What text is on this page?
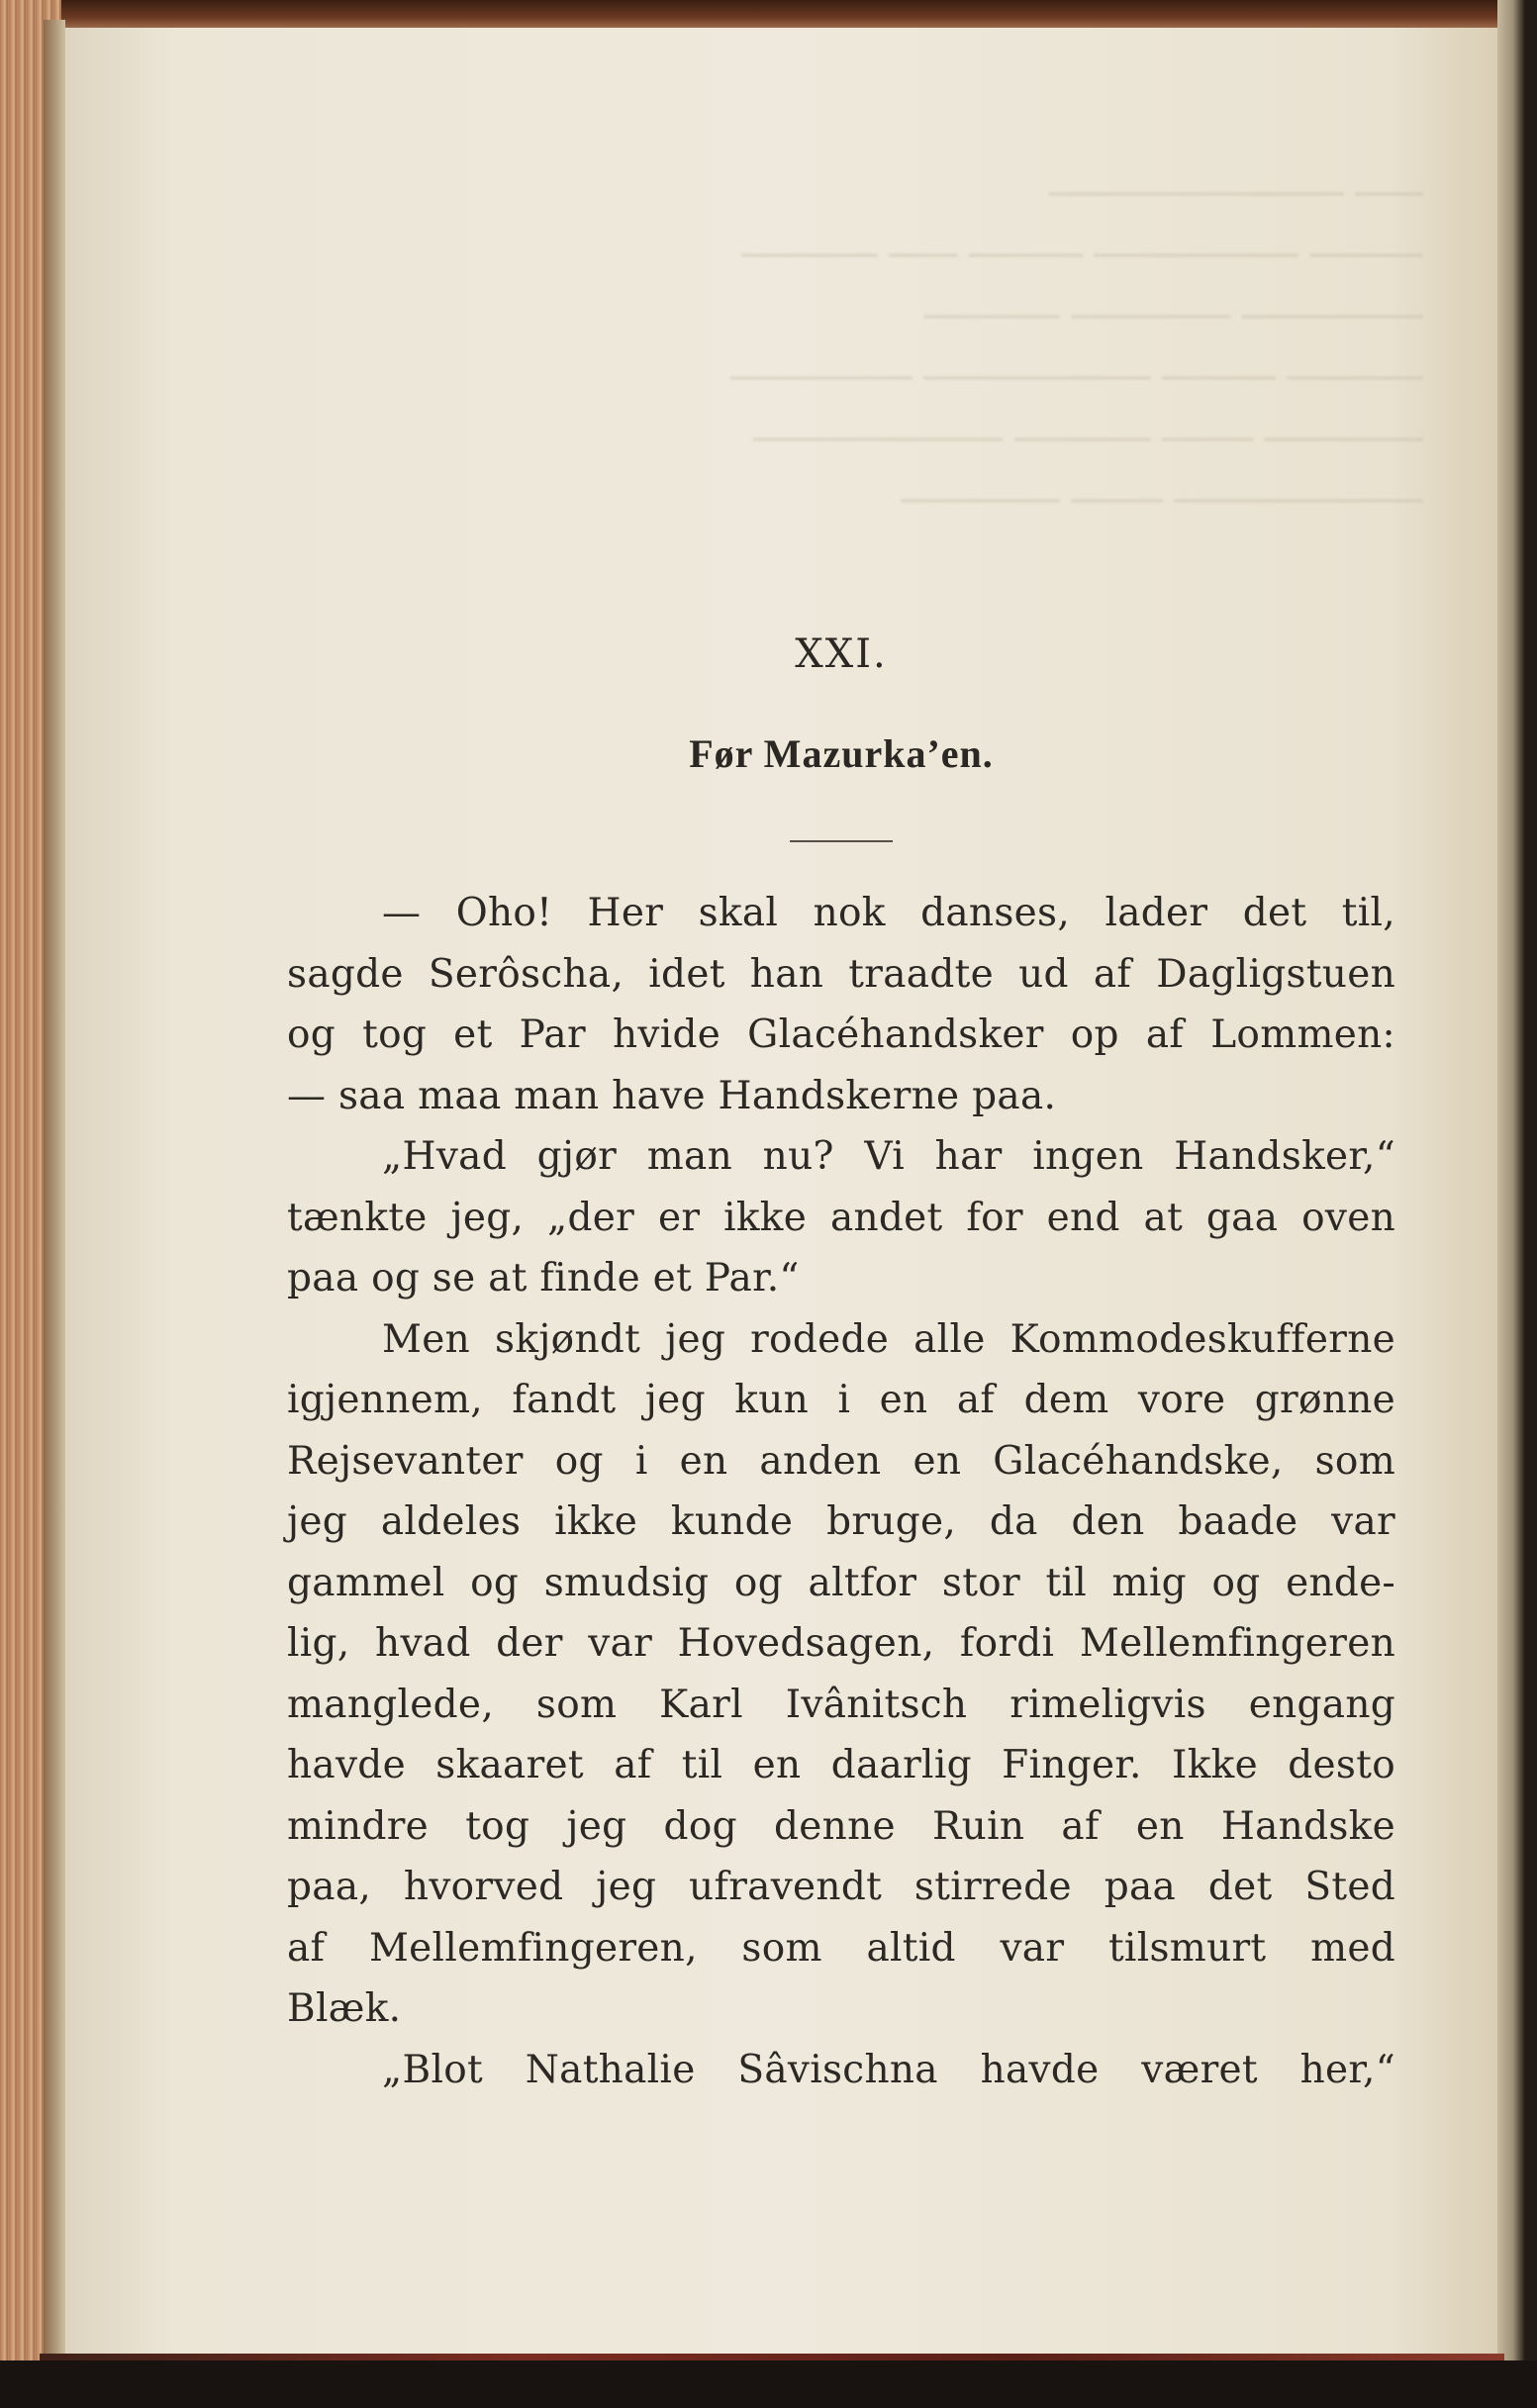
─── ─────────────
───── ───────── ───── ─── ──────
──────── ─────── ──────
────── ───── ────────── ────────
─────── ──── ────── ───────────
─────────── ──── ───────
XXI.
Før Mazurka’en.
— Oho! Her skal nok danses, lader det til,
sagde Serôscha, idet han traadte ud af Dagligstuen
og tog et Par hvide Glacéhandsker op af Lommen:
— saa maa man have Handskerne paa.
„Hvad gjør man nu? Vi har ingen Handsker,“
tænkte jeg, „der er ikke andet for end at gaa oven
paa og se at finde et Par.“
Men skjøndt jeg rodede alle Kommodeskufferne
igjennem, fandt jeg kun i en af dem vore grønne
Rejsevanter og i en anden en Glacéhandske, som
jeg aldeles ikke kunde bruge, da den baade var
gammel og smudsig og altfor stor til mig og ende-
lig, hvad der var Hovedsagen, fordi Mellemfingeren
manglede, som Karl Ivânitsch rimeligvis engang
havde skaaret af til en daarlig Finger. Ikke desto
mindre tog jeg dog denne Ruin af en Handske
paa, hvorved jeg ufravendt stirrede paa det Sted
af Mellemfingeren, som altid var tilsmurt med
Blæk.
„Blot Nathalie Sâvischna havde været her,“
